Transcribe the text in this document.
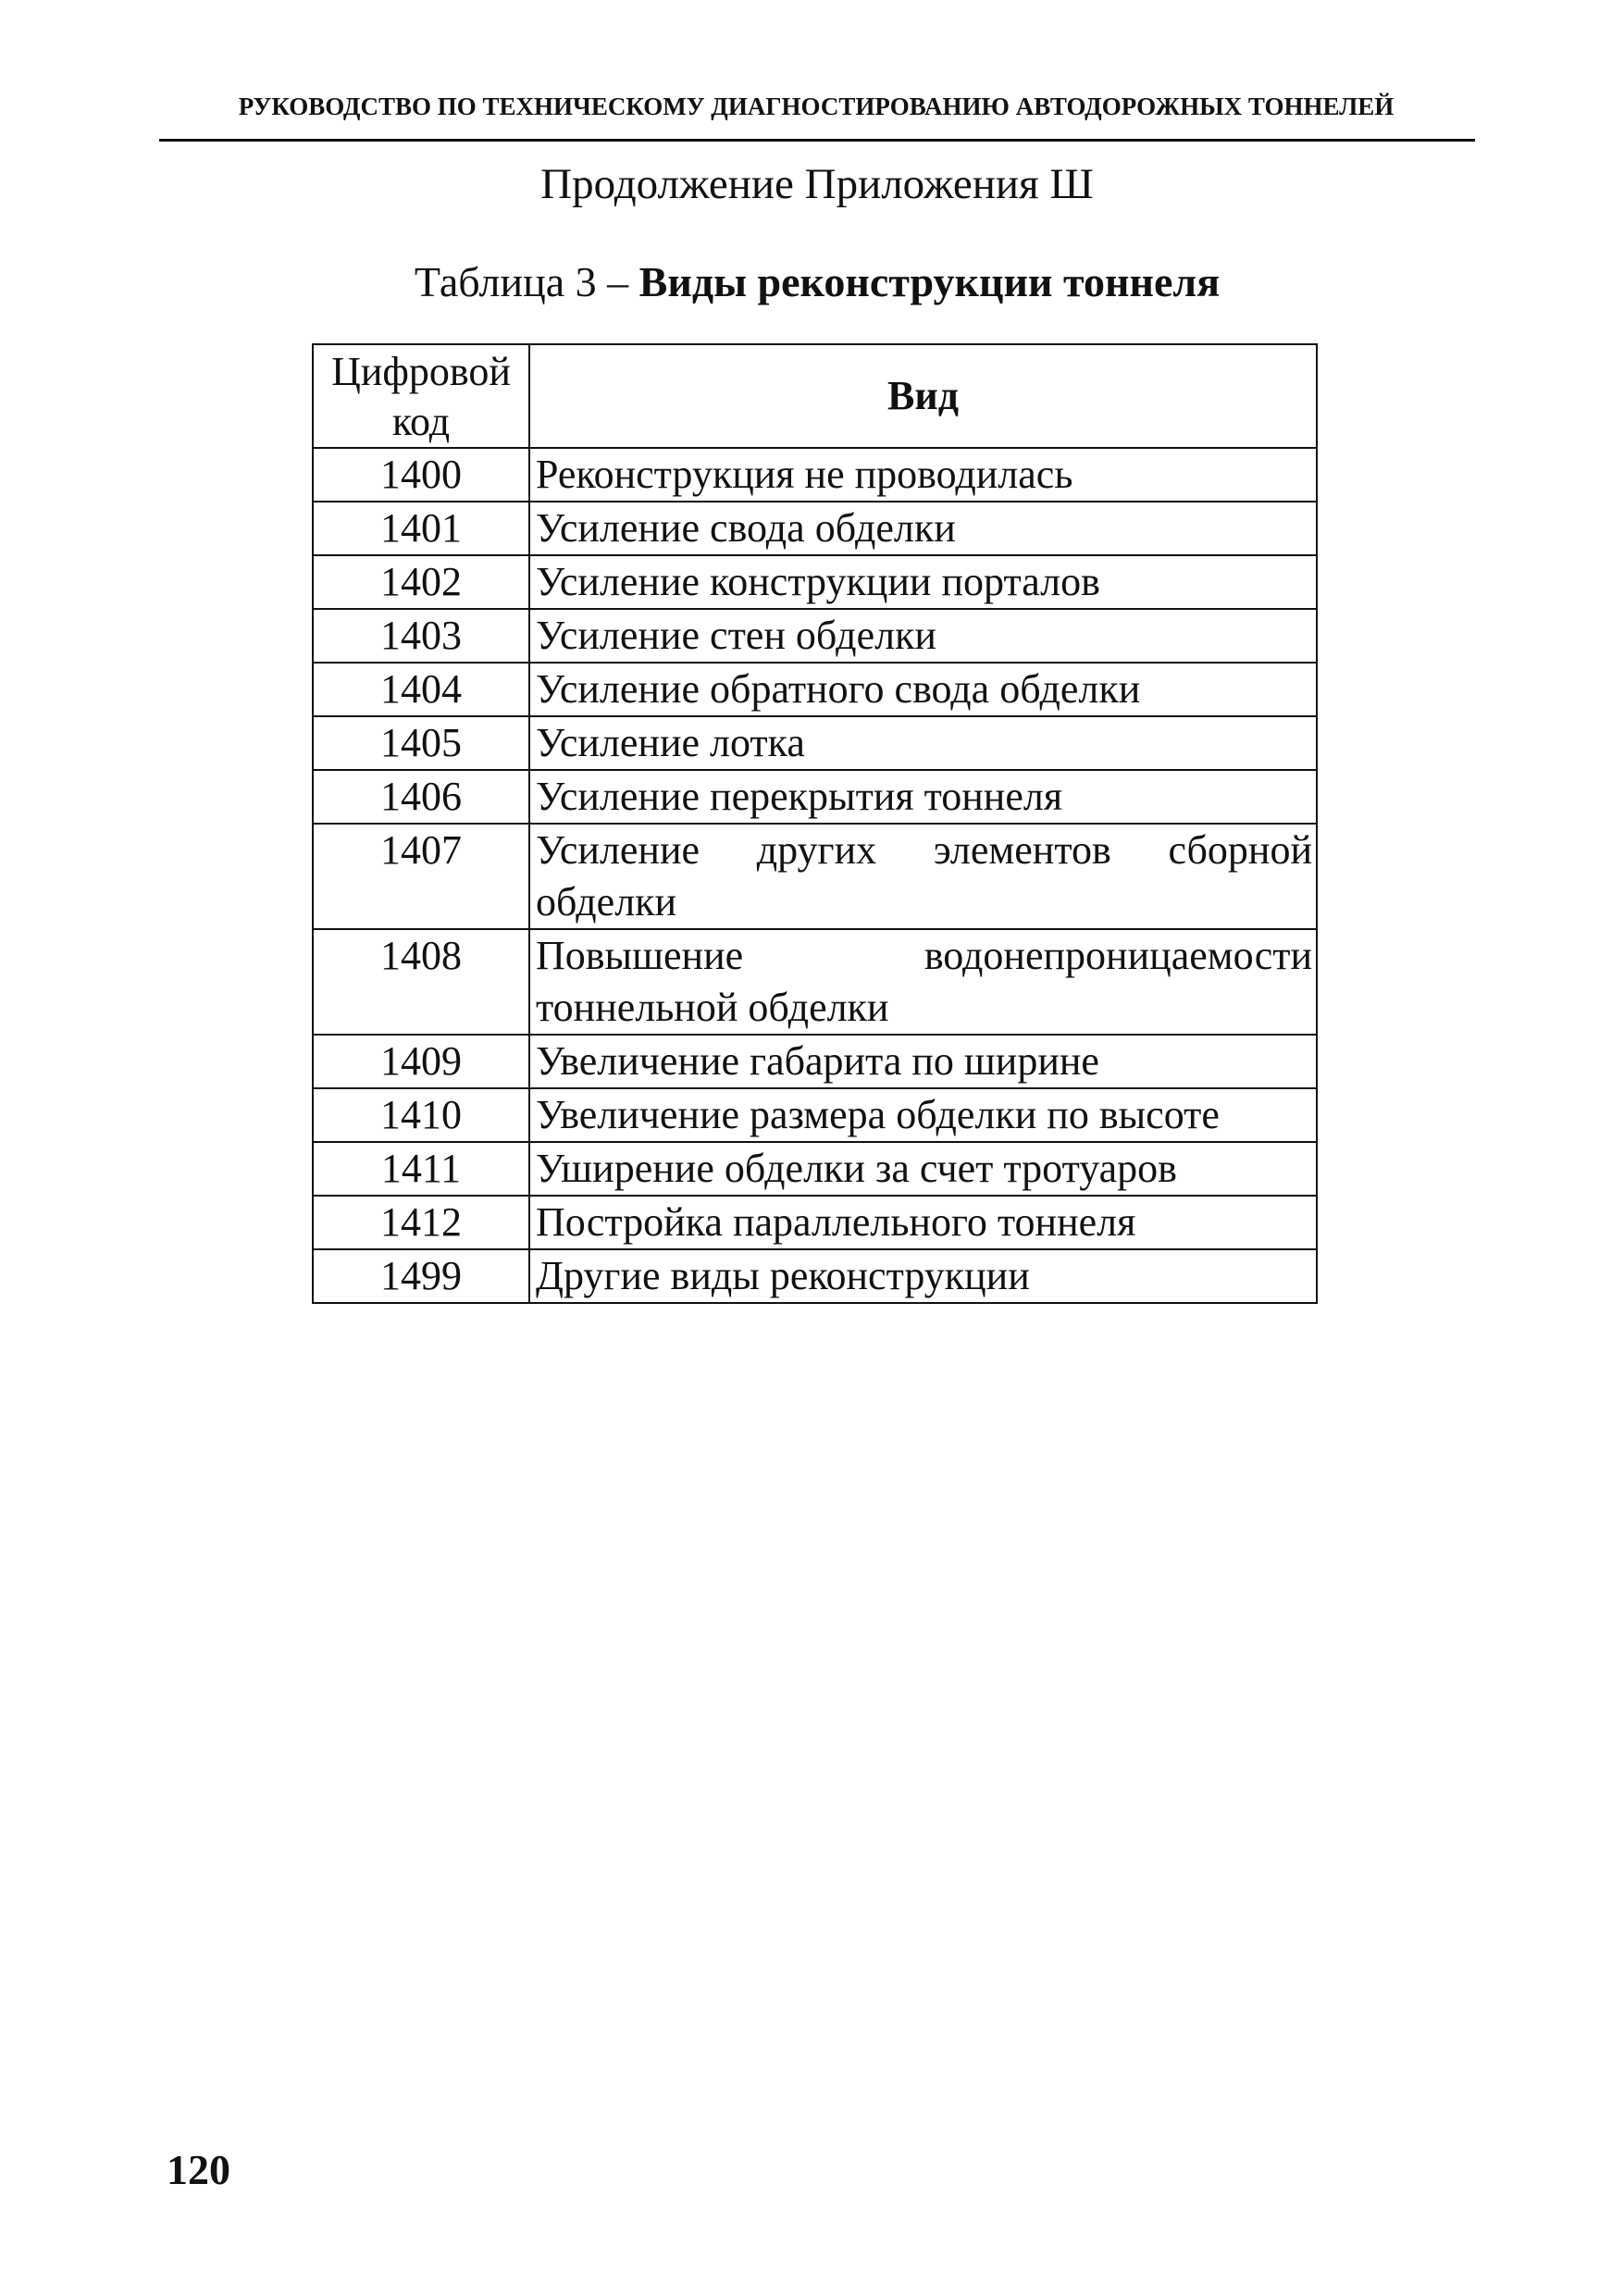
РУКОВОДСТВО ПО ТЕХНИЧЕСКОМУ ДИАГНОСТИРОВАНИЮ АВТОДОРОЖНЫХ ТОННЕЛЕЙ
Продолжение Приложения Ш
Таблица 3 – Виды реконструкции тоннеля
Цифровой код	Вид
1400	Реконструкция не проводилась
1401	Усиление свода обделки
1402	Усиление конструкции порталов
1403	Усиление стен обделки
1404	Усиление обратного свода обделки
1405	Усиление лотка
1406	Усиление перекрытия тоннеля
1407	Усиление других элементов сборной обделки
1408	Повышение водонепроницаемости тоннельной обделки
1409	Увеличение габарита по ширине
1410	Увеличение размера обделки по высоте
1411	Уширение обделки за счет тротуаров
1412	Постройка параллельного тоннеля
1499	Другие виды реконструкции
120
